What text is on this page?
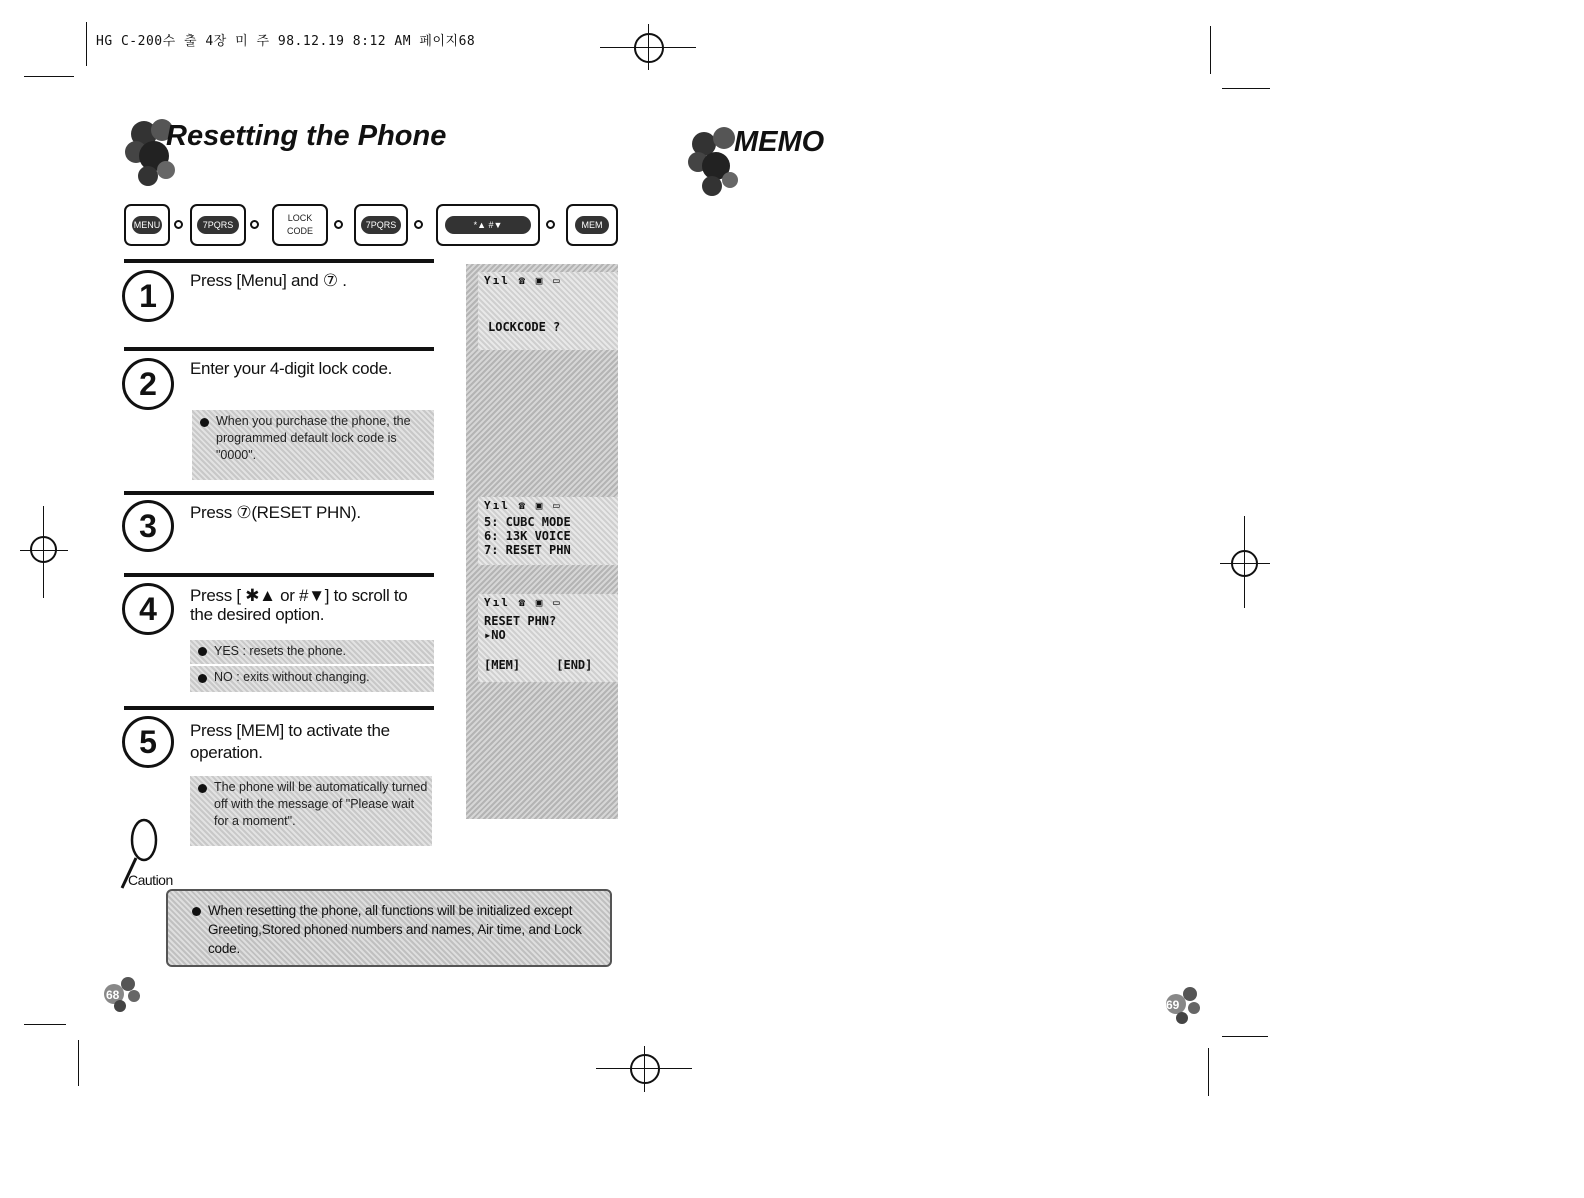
HG C-200수 출 4장 미 주 98.12.19 8:12 AM 페이지68
Resetting the Phone
MENU	7PQRS
LOCK
CODE
7PQRS	*▲ #▼	MEM
Yıl ☎ ▣ ▭
LOCKCODE ?
Yıl ☎ ▣ ▭
5: CUBC MODE
6: 13K VOICE
7: RESET PHN
Yıl ☎ ▣ ▭
RESET PHN?
▸NO
[MEM]     [END]
1	Press [Menu] and ⑦ .
2	Enter your 4-digit lock code.
When you purchase the phone, the programmed default lock code is "0000".
3	Press ⑦(RESET PHN).
4	Press [ ✱▲ or #▼] to scroll to the desired option.
YES : resets the phone.
NO : exits without changing.
5	Press [MEM] to activate the operation.
The phone will be automatically turned off with the message of "Please wait for a moment".
Caution
When resetting the phone, all functions will be initialized except Greeting,Stored phoned numbers and names, Air time, and Lock code.
68
MEMO
69
